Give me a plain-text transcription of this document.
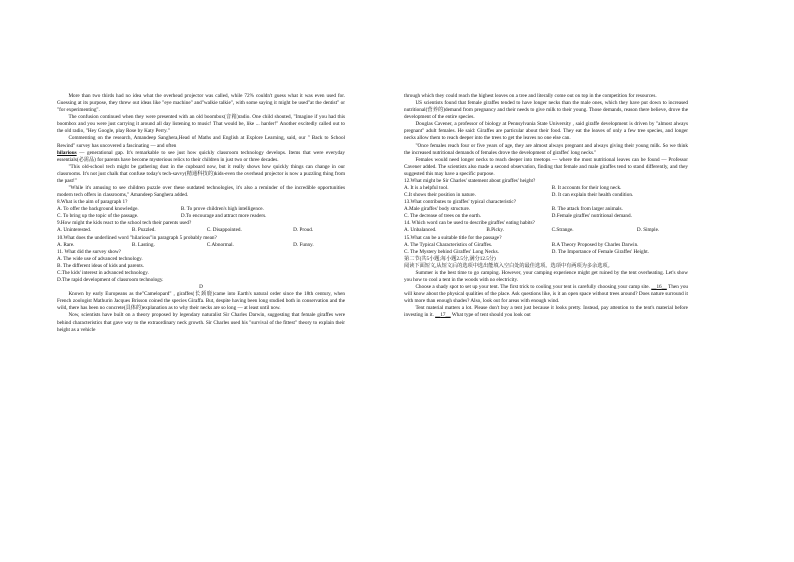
More than two thirds had no idea what the overhead projector was called, while 72% couldn't guess what it was even used for. Guessing at its purpose, they threw out ideas like "eye machine" and"walkie talkie", with some saying it might be used"at the dentist" or "for experimenting".

The confusion continued when they were presented with an old boombox(音箱)radio. One child shouted, "Imagine if you had this boombox and you were just carrying it around all day listening to music! That would be, like ... harder!" Another excitedly called out to the old radio, "Hey Google, play Rose by Katy Perry."

Commenting on the research, Amandeep Sanghera,Head of Maths and English at Explore Learning, said, our " Back to School Rewind" survey has uncovered a fascinating — and often

hilarious — generational gap. It's remarkable to see just how quickly classroom technology develops. Items that were everyday essentials(必需品) for parents have become mysterious relics to their children in just two or three decades.

"This old-school tech might be gathering dust in the cupboard now, but it really shows how quickly things can change in our classrooms. It's not just chalk that confuse today's tech-savvy(精通科技的)kids-even the overhead projector is now a puzzling thing from the past!"

"While it's amusing to see children puzzle over these outdated technologies, it's also a reminder of the incredible opportunities modern tech offers in classrooms," Amandeep Sanghera added.

8.What is the aim of paragraph 1?

A. To offer the background knowledge.	B. To prove children's high intelligence.
C. To bring up the topic of the passage.	D.To encourage and attract more readers.

9.How might the kids react to the school tech their parents used?

A. Uninterested.	B. Puzzled.	C. Disappointed.	D. Proud.

10.What does the underlined word "hilarious"in paragraph 5 probably mean?

A. Rare.	B. Lasting.	C.Abnormal.	D. Funny.

11. What did the survey show?

A. The wide use of advanced technology.

B. The different ideas of kids and parents.

C.The kids' interest in advanced technology.

D.The rapid development of classroom technology.

D

Known by early Europeans as the"Camelopard" , giraffes(长颈鹿)came into Earth's natural order since the 18th century, when French zoologist Mathurin Jacques Brisson coined the species Giraffa. But, despite having been long studied both in conservation and the wild, there has been no concrete(具体的)explanation as to why their necks are so long — at least until now.

Now, scientists have built on a theory proposed by legendary naturalist Sir Charles Darwin, suggesting that female giraffes were behind characteristics that gave way to the extraordinary neck growth. Sir Charles used his "survival of the fittest" theory to explain their height as a vehicle

through which they could reach the highest leaves on a tree and literally come out on top in the competition for resources.

US scientists found that female giraffes tended to have longer necks than the male ones, which they have put down to increased nutritional(营养的)demand from pregnancy and their needs to give milk to their young. Those demands, reason there believe, drove the development of the entire species.

Douglas Cavener, a professor of biology at Pennsylvania State University , said giraffe development is driven by "almost always pregnant" adult females. He said: Giraffes are particular about their food. They eat the leaves of only a few tree species, and longer necks allow them to reach deeper into the trees to get the leaves no one else can.

"Once females reach four or five years of age, they are almost always pregnant and always giving their young milk. So we think the increased nutritional demands of females drove the development of giraffes' long necks."

Females would need longer necks to reach deeper into treetops — where the most nutritional leaves can be found — Professor Cavener added. The scientists also made a second observation, finding that female and male giraffes tend to stand differently, and they suggested this may have a specific purpose.

12.What might be Sir Charles' statement about giraffes' height?

A. It is a helpful tool.	B. It accounts for their long neck.
C.It shows their position in nature.	D. It can explain their health condition.

13.What contributes to giraffes' typical characteristic?

A.Male giraffes' body structure.	B. The attack from larger animals.
C. The decrease of trees on the earth.	D.Female giraffes' nutritional demand.

14. Which word can be used to describe giraffes' eating habits?

A. Unbalanced.	B.Picky.	C.Strange.	D. Simple.

15.What can be a suitable title for the passage?

A. The Typical Characteristics of Giraffes.	B.A Theory Proposed by Charles Darwin.
C. The Mystery behind Giraffes' Long Necks.	D. The Importance of Female Giraffes' Height.

第二节(共5小题;每小题2.5分,满分12.5分)

阅读下面短文,从短文后的选项中选出能填入空白处的最佳选项。选项中有两项为多余选项。

Summer is the best time to go camping. However, your camping experience might get ruined by the tent overheating. Let's show you how to cool a tent in the woods with no electricity.

Choose a shady spot to set up your tent. The first trick to cooling your tent is carefully choosing your camp site. __16__ Then you will know about the physical qualities of the place. Ask questions like, is it an open space without trees around? Does nature surround it with more than enough shades? Also, look out for areas with enough wind.

Tent material matters a lot. Please don't buy a tent just because it looks pretty. Instead, pay attention to the tent's material before investing in it. __17__ What type of tent should you look out
